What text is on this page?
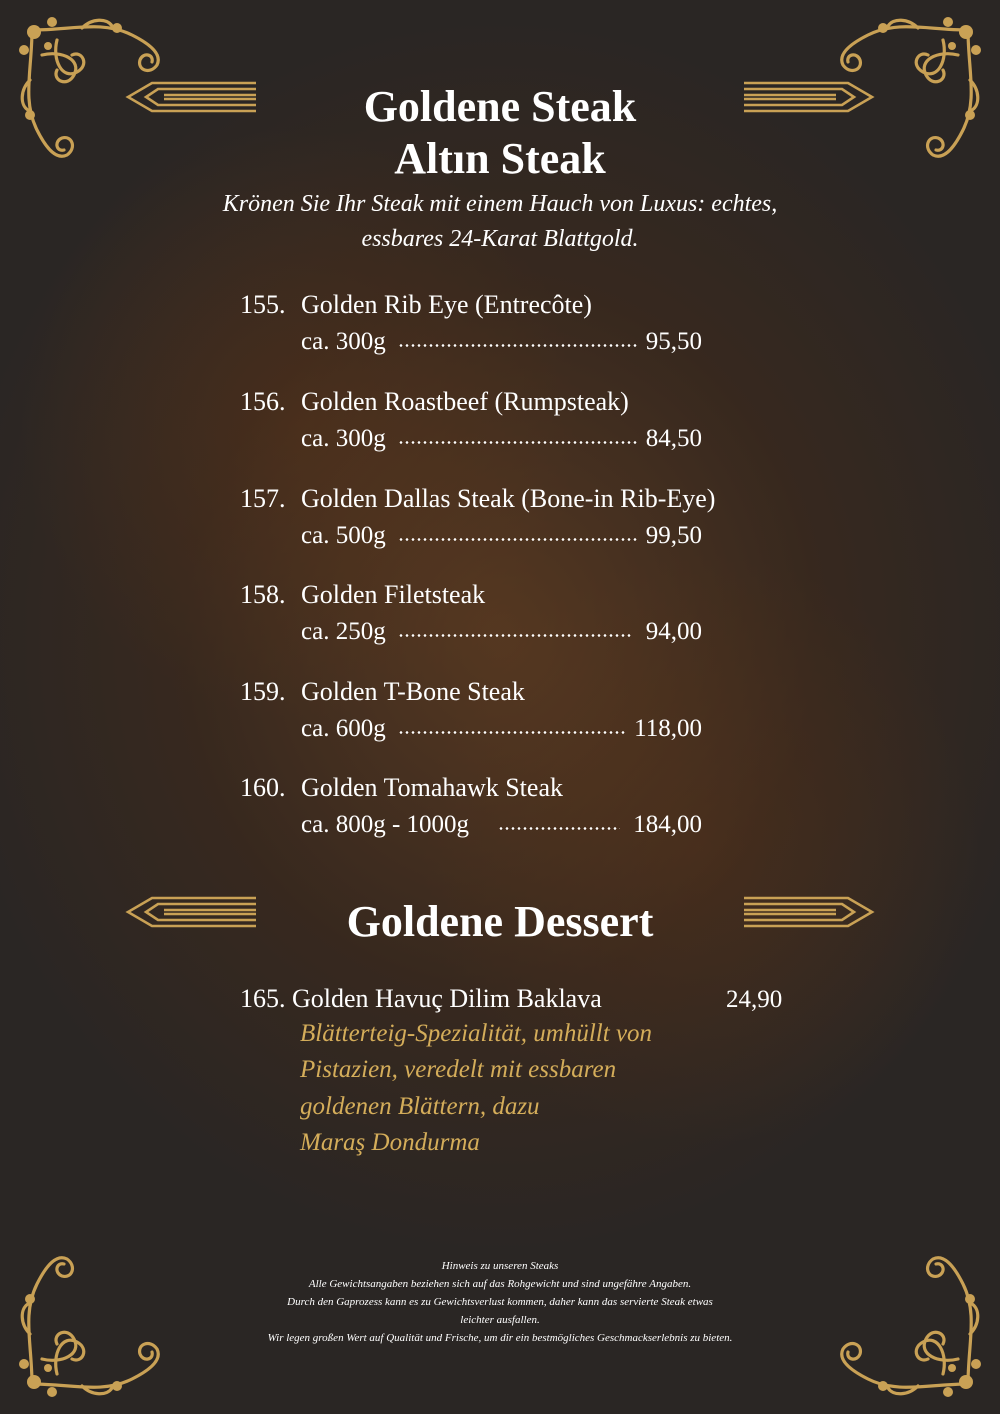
Goldene Steak
Altın Steak
Krönen Sie Ihr Steak mit einem Hauch von Luxus: echtes,
essbares 24-Karat Blattgold.
155. Golden Rib Eye (Entrecôte)
ca. 300g	95,50
156. Golden Roastbeef (Rumpsteak)
ca. 300g	84,50
157. Golden Dallas Steak (Bone-in Rib-Eye)
ca. 500g	99,50
158. Golden Filetsteak
ca. 250g	94,00
159. Golden T-Bone Steak
ca. 600g	118,00
160. Golden Tomahawk Steak
ca. 800g - 1000g	184,00
Goldene Dessert
165. Golden Havuç Dilim Baklava	24,90
Blätterteig-Spezialität, umhüllt von
Pistazien, veredelt mit essbaren
goldenen Blättern, dazu
Maraş Dondurma
Hinweis zu unseren Steaks
Alle Gewichtsangaben beziehen sich auf das Rohgewicht und sind ungefähre Angaben.
Durch den Gaprozess kann es zu Gewichtsverlust kommen, daher kann das servierte Steak etwas
leichter ausfallen.
Wir legen großen Wert auf Qualität und Frische, um dir ein bestmögliches Geschmackserlebnis zu bieten.
